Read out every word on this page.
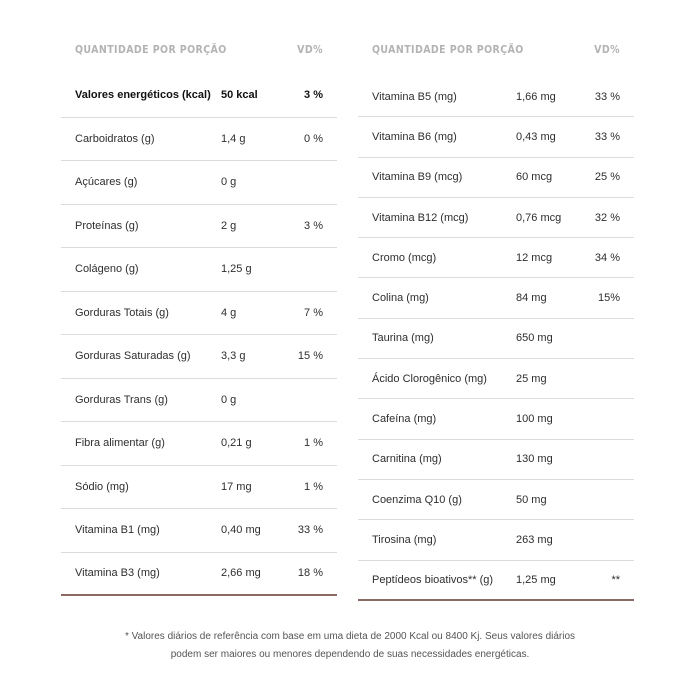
QUANTIDADE POR PORÇÃO	VD%
Valores energéticos (kcal) 50 kcal	3 %
Carboidratos (g)	1,4 g	0 %
Açúcares (g)	0 g
Proteínas (g)	2 g	3 %
Colágeno (g)	1,25 g
Gorduras Totais (g)	4 g	7 %
Gorduras Saturadas (g)	3,3 g	15 %
Gorduras Trans (g)	0 g
Fibra alimentar (g)	0,21 g	1 %
Sódio (mg)	17 mg	1 %
Vitamina B1 (mg)	0,40 mg	33 %
Vitamina B3 (mg)	2,66 mg	18 %
QUANTIDADE POR PORÇÃO	VD%
Vitamina B5 (mg)	1,66 mg	33 %
Vitamina B6 (mg)	0,43 mg	33 %
Vitamina B9 (mcg)	60 mcg	25 %
Vitamina B12 (mcg)	0,76 mcg	32 %
Cromo (mcg)	12 mcg	34 %
Colina (mg)	84 mg	15%
Taurina (mg)	650 mg
Ácido Clorogênico (mg)	25 mg
Cafeína (mg)	100 mg
Carnitina (mg)	130 mg
Coenzima Q10 (g)	50 mg
Tirosina (mg)	263 mg
Peptídeos bioativos** (g)	1,25 mg	**
* Valores diários de referência com base em uma dieta de 2000 Kcal ou 8400 Kj. Seus valores diários
podem ser maiores ou menores dependendo de suas necessidades energéticas.
